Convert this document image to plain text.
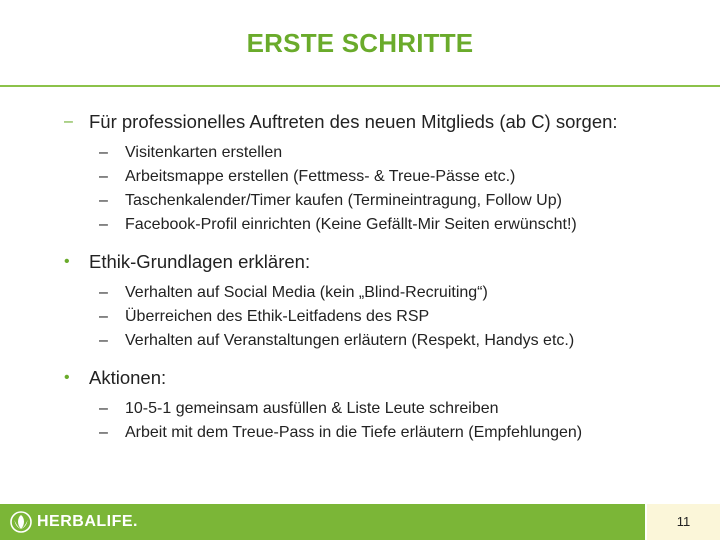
ERSTE SCHRITTE
– Für professionelles Auftreten des neuen Mitglieds (ab C) sorgen:
– Visitenkarten erstellen
– Arbeitsmappe erstellen (Fettmess- & Treue-Pässe etc.)
– Taschenkalender/Timer kaufen (Termineintragung, Follow Up)
– Facebook-Profil einrichten (Keine Gefällt-Mir Seiten erwünscht!)
• Ethik-Grundlagen erklären:
– Verhalten auf Social Media (kein „Blind-Recruiting“)
– Überreichen des Ethik-Leitfadens des RSP
– Verhalten auf Veranstaltungen erläutern (Respekt, Handys etc.)
• Aktionen:
– 10-5-1 gemeinsam ausfüllen & Liste Leute schreiben
– Arbeit mit dem Treue-Pass in die Tiefe erläutern (Empfehlungen)
HERBALIFE.	11
